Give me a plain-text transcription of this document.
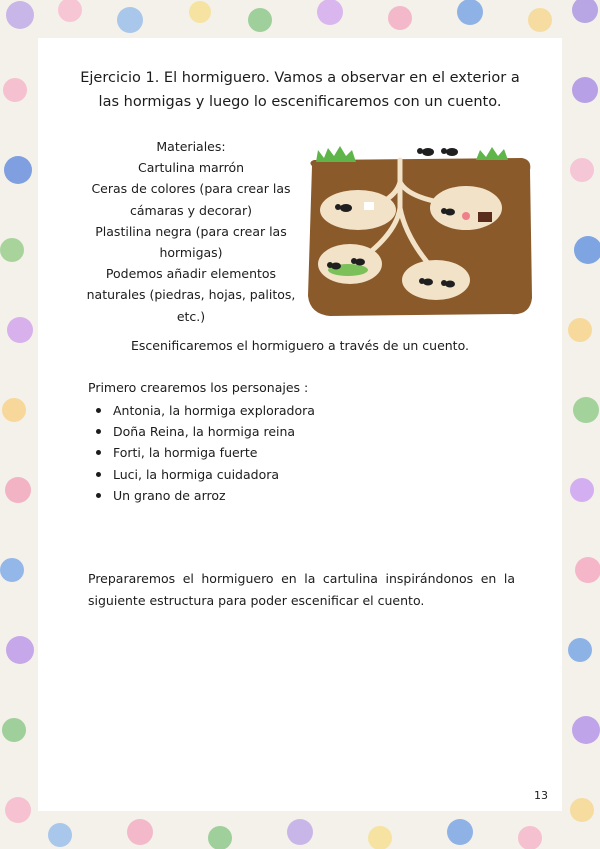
Ejercicio 1. El hormiguero. Vamos a observar en el exterior a
las hormigas y luego lo escenificaremos con un cuento.
Materiales:
Cartulina marrón
Ceras de colores (para crear las
cámaras y decorar)
Plastilina negra (para crear las
hormigas)
Podemos añadir elementos
naturales (piedras, hojas, palitos,
etc.)
Escenificaremos el hormiguero a través de un cuento.
Primero crearemos los personajes :
Antonia, la hormiga exploradora
Doña Reina, la hormiga reina
Forti, la hormiga fuerte
Luci, la hormiga cuidadora
Un grano de arroz
Prepararemos el hormiguero en la cartulina inspirándonos en la siguiente estructura para poder escenificar el cuento.
13
